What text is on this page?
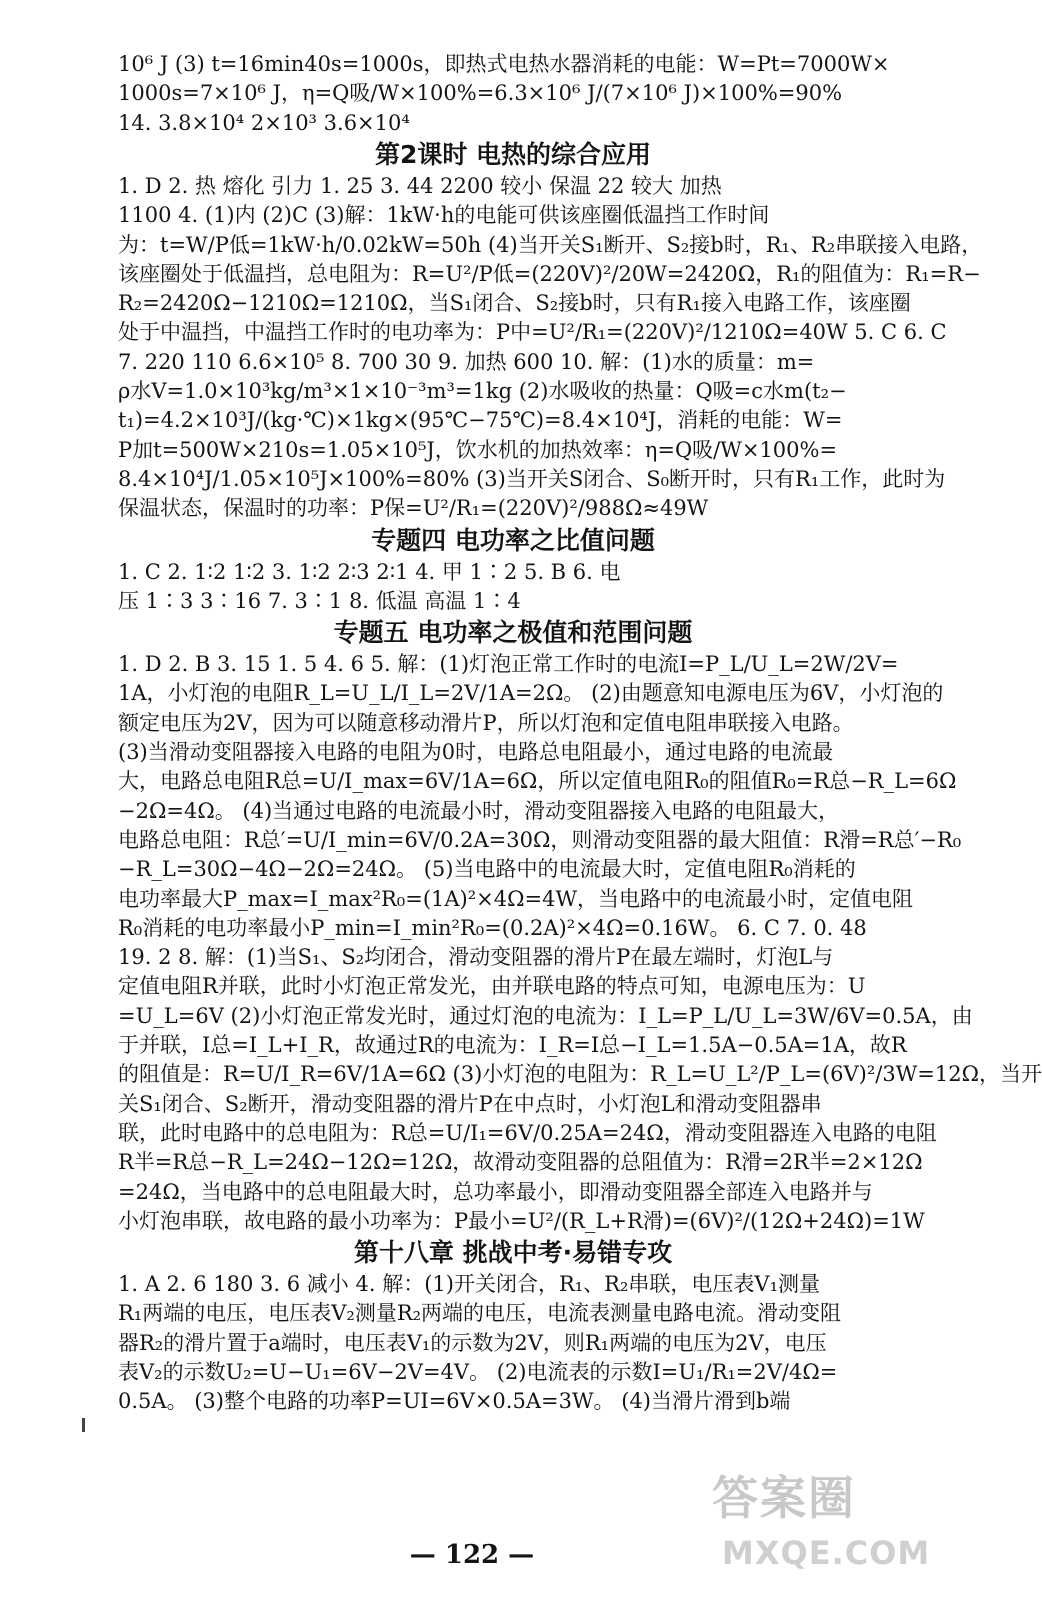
10⁶ J (3) t=16min40s=1000s，即热式电热水器消耗的电能：W=Pt=7000W×
1000s=7×10⁶ J，η=Q吸/W×100%=6.3×10⁶ J/(7×10⁶ J)×100%=90%
14. 3.8×10⁴ 2×10³ 3.6×10⁴
第2课时 电热的综合应用
1. D 2. 热 熔化 引力 1. 25 3. 44 2200 较小 保温 22 较大 加热
1100 4. (1)内 (2)C (3)解：1kW·h的电能可供该座圈低温挡工作时间
为：t=W/P低=1kW·h/0.02kW=50h (4)当开关S₁断开、S₂接b时，R₁、R₂串联接入电路，
该座圈处于低温挡，总电阻为：R=U²/P低=(220V)²/20W=2420Ω，R₁的阻值为：R₁=R−
R₂=2420Ω−1210Ω=1210Ω，当S₁闭合、S₂接b时，只有R₁接入电路工作，该座圈
处于中温挡，中温挡工作时的电功率为：P中=U²/R₁=(220V)²/1210Ω=40W 5. C 6. C
7. 220 110 6.6×10⁵ 8. 700 30 9. 加热 600 10. 解：(1)水的质量：m=
ρ水V=1.0×10³kg/m³×1×10⁻³m³=1kg (2)水吸收的热量：Q吸=c水m(t₂−
t₁)=4.2×10³J/(kg·℃)×1kg×(95℃−75℃)=8.4×10⁴J，消耗的电能：W=
P加t=500W×210s=1.05×10⁵J，饮水机的加热效率：η=Q吸/W×100%=
8.4×10⁴J/1.05×10⁵J×100%=80% (3)当开关S闭合、S₀断开时，只有R₁工作，此时为
保温状态，保温时的功率：P保=U²/R₁=(220V)²/988Ω≈49W
专题四 电功率之比值问题
1. C 2. 1∶2 1∶2 3. 1∶2 2∶3 2∶1 4. 甲 1∶2 5. B 6. 电
压 1∶3 3∶16 7. 3∶1 8. 低温 高温 1∶4
专题五 电功率之极值和范围问题
1. D 2. B 3. 15 1. 5 4. 6 5. 解：(1)灯泡正常工作时的电流I=P_L/U_L=2W/2V=
1A，小灯泡的电阻R_L=U_L/I_L=2V/1A=2Ω。 (2)由题意知电源电压为6V，小灯泡的
额定电压为2V，因为可以随意移动滑片P，所以灯泡和定值电阻串联接入电路。
(3)当滑动变阻器接入电路的电阻为0时，电路总电阻最小，通过电路的电流最
大，电路总电阻R总=U/I_max=6V/1A=6Ω，所以定值电阻R₀的阻值R₀=R总−R_L=6Ω
−2Ω=4Ω。 (4)当通过电路的电流最小时，滑动变阻器接入电路的电阻最大，
电路总电阻：R总′=U/I_min=6V/0.2A=30Ω，则滑动变阻器的最大阻值：R滑=R总′−R₀
−R_L=30Ω−4Ω−2Ω=24Ω。 (5)当电路中的电流最大时，定值电阻R₀消耗的
电功率最大P_max=I_max²R₀=(1A)²×4Ω=4W，当电路中的电流最小时，定值电阻
R₀消耗的电功率最小P_min=I_min²R₀=(0.2A)²×4Ω=0.16W。 6. C 7. 0. 48
19. 2 8. 解：(1)当S₁、S₂均闭合，滑动变阻器的滑片P在最左端时，灯泡L与
定值电阻R并联，此时小灯泡正常发光，由并联电路的特点可知，电源电压为：U
=U_L=6V (2)小灯泡正常发光时，通过灯泡的电流为：I_L=P_L/U_L=3W/6V=0.5A，由
于并联，I总=I_L+I_R，故通过R的电流为：I_R=I总−I_L=1.5A−0.5A=1A，故R
的阻值是：R=U/I_R=6V/1A=6Ω (3)小灯泡的电阻为：R_L=U_L²/P_L=(6V)²/3W=12Ω，当开
关S₁闭合、S₂断开，滑动变阻器的滑片P在中点时，小灯泡L和滑动变阻器串
联，此时电路中的总电阻为：R总=U/I₁=6V/0.25A=24Ω，滑动变阻器连入电路的电阻
R半=R总−R_L=24Ω−12Ω=12Ω，故滑动变阻器的总阻值为：R滑=2R半=2×12Ω
=24Ω，当电路中的总电阻最大时，总功率最小，即滑动变阻器全部连入电路并与
小灯泡串联，故电路的最小功率为：P最小=U²/(R_L+R滑)=(6V)²/(12Ω+24Ω)=1W
第十八章 挑战中考·易错专攻
1. A 2. 6 180 3. 6 减小 4. 解：(1)开关闭合，R₁、R₂串联，电压表V₁测量
R₁两端的电压，电压表V₂测量R₂两端的电压，电流表测量电路电流。滑动变阻
器R₂的滑片置于a端时，电压表V₁的示数为2V，则R₁两端的电压为2V，电压
表V₂的示数U₂=U−U₁=6V−2V=4V。 (2)电流表的示数I=U₁/R₁=2V/4Ω=
0.5A。 (3)整个电路的功率P=UI=6V×0.5A=3W。 (4)当滑片滑到b端
— 122 —
答案圈
MXQE.COM
